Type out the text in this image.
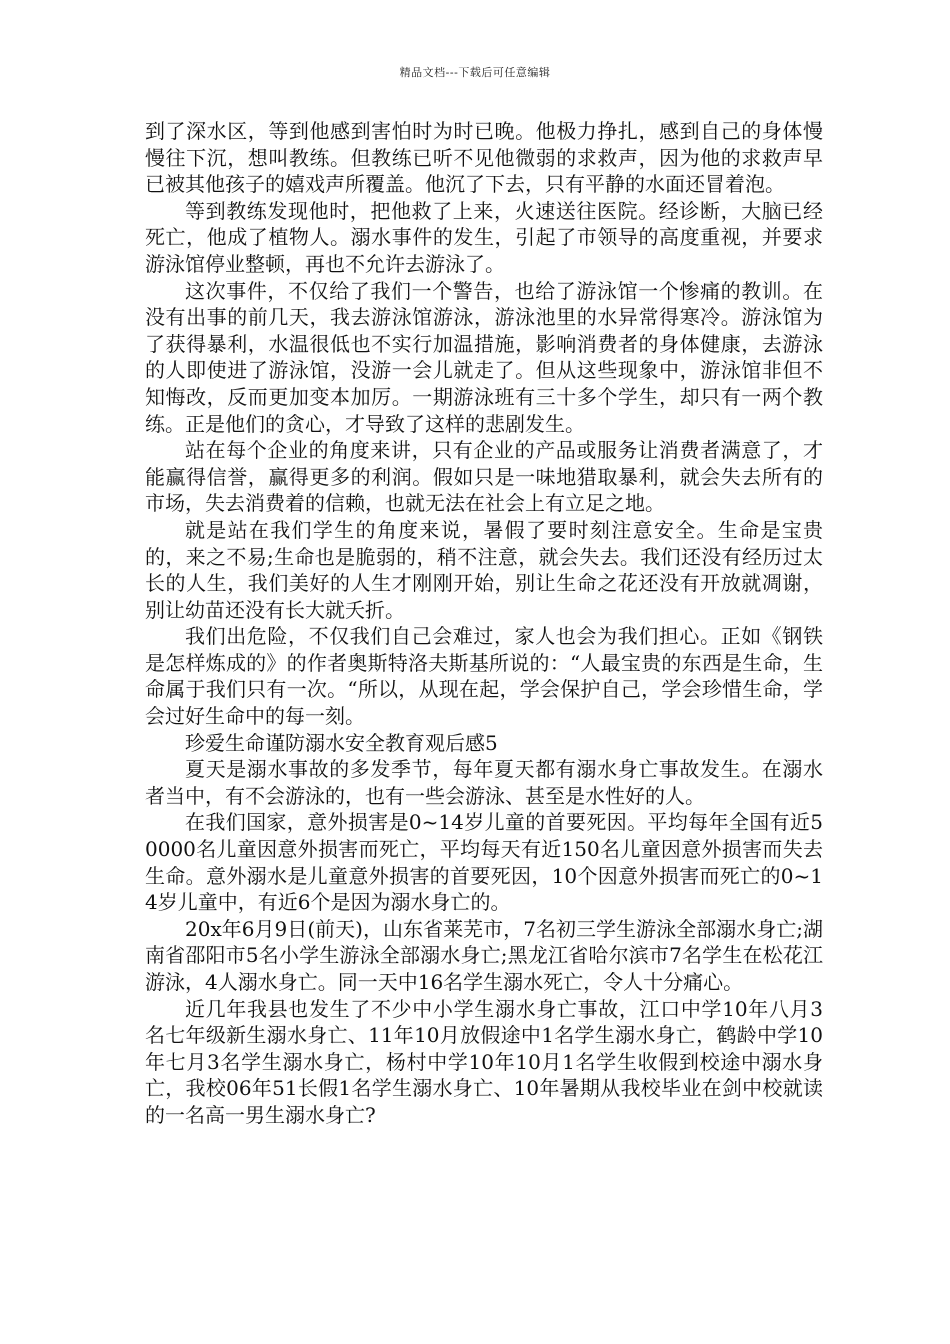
精品文档---下载后可任意编辑

到了深水区，等到他感到害怕时为时已晚。他极力挣扎，感到自己的身体慢慢往下沉，想叫教练。但教练已听不见他微弱的求救声，因为他的求救声早已被其他孩子的嬉戏声所覆盖。他沉了下去，只有平静的水面还冒着泡。

等到教练发现他时，把他救了上来，火速送往医院。经诊断，大脑已经死亡，他成了植物人。溺水事件的发生，引起了市领导的高度重视，并要求游泳馆停业整顿，再也不允许去游泳了。

这次事件，不仅给了我们一个警告，也给了游泳馆一个惨痛的教训。在没有出事的前几天，我去游泳馆游泳，游泳池里的水异常得寒冷。游泳馆为了获得暴利，水温很低也不实行加温措施，影响消费者的身体健康，去游泳的人即使进了游泳馆，没游一会儿就走了。但从这些现象中，游泳馆非但不知悔改，反而更加变本加厉。一期游泳班有三十多个学生，却只有一两个教练。正是他们的贪心，才导致了这样的悲剧发生。

站在每个企业的角度来讲，只有企业的产品或服务让消费者满意了，才能赢得信誉，赢得更多的利润。假如只是一味地猎取暴利，就会失去所有的市场，失去消费着的信赖，也就无法在社会上有立足之地。

就是站在我们学生的角度来说，暑假了要时刻注意安全。生命是宝贵的，来之不易;生命也是脆弱的，稍不注意，就会失去。我们还没有经历过太长的人生，我们美好的人生才刚刚开始，别让生命之花还没有开放就凋谢，别让幼苗还没有长大就夭折。

我们出危险，不仅我们自己会难过，家人也会为我们担心。正如《钢铁是怎样炼成的》的作者奥斯特洛夫斯基所说的：“人最宝贵的东西是生命，生命属于我们只有一次。“所以，从现在起，学会保护自己，学会珍惜生命，学会过好生命中的每一刻。

珍爱生命谨防溺水安全教育观后感5

夏天是溺水事故的多发季节，每年夏天都有溺水身亡事故发生。在溺水者当中，有不会游泳的，也有一些会游泳、甚至是水性好的人。

在我们国家，意外损害是0~14岁儿童的首要死因。平均每年全国有近50000名儿童因意外损害而死亡，平均每天有近150名儿童因意外损害而失去生命。意外溺水是儿童意外损害的首要死因，10个因意外损害而死亡的0~14岁儿童中，有近6个是因为溺水身亡的。

20x年6月9日(前天)，山东省莱芜市，7名初三学生游泳全部溺水身亡;湖南省邵阳市5名小学生游泳全部溺水身亡;黑龙江省哈尔滨市7名学生在松花江游泳，4人溺水身亡。同一天中16名学生溺水死亡，令人十分痛心。

近几年我县也发生了不少中小学生溺水身亡事故，江口中学10年八月3名七年级新生溺水身亡、11年10月放假途中1名学生溺水身亡，鹤龄中学10年七月3名学生溺水身亡，杨村中学10年10月1名学生收假到校途中溺水身亡，我校06年51长假1名学生溺水身亡、10年暑期从我校毕业在剑中校就读的一名高一男生溺水身亡?
